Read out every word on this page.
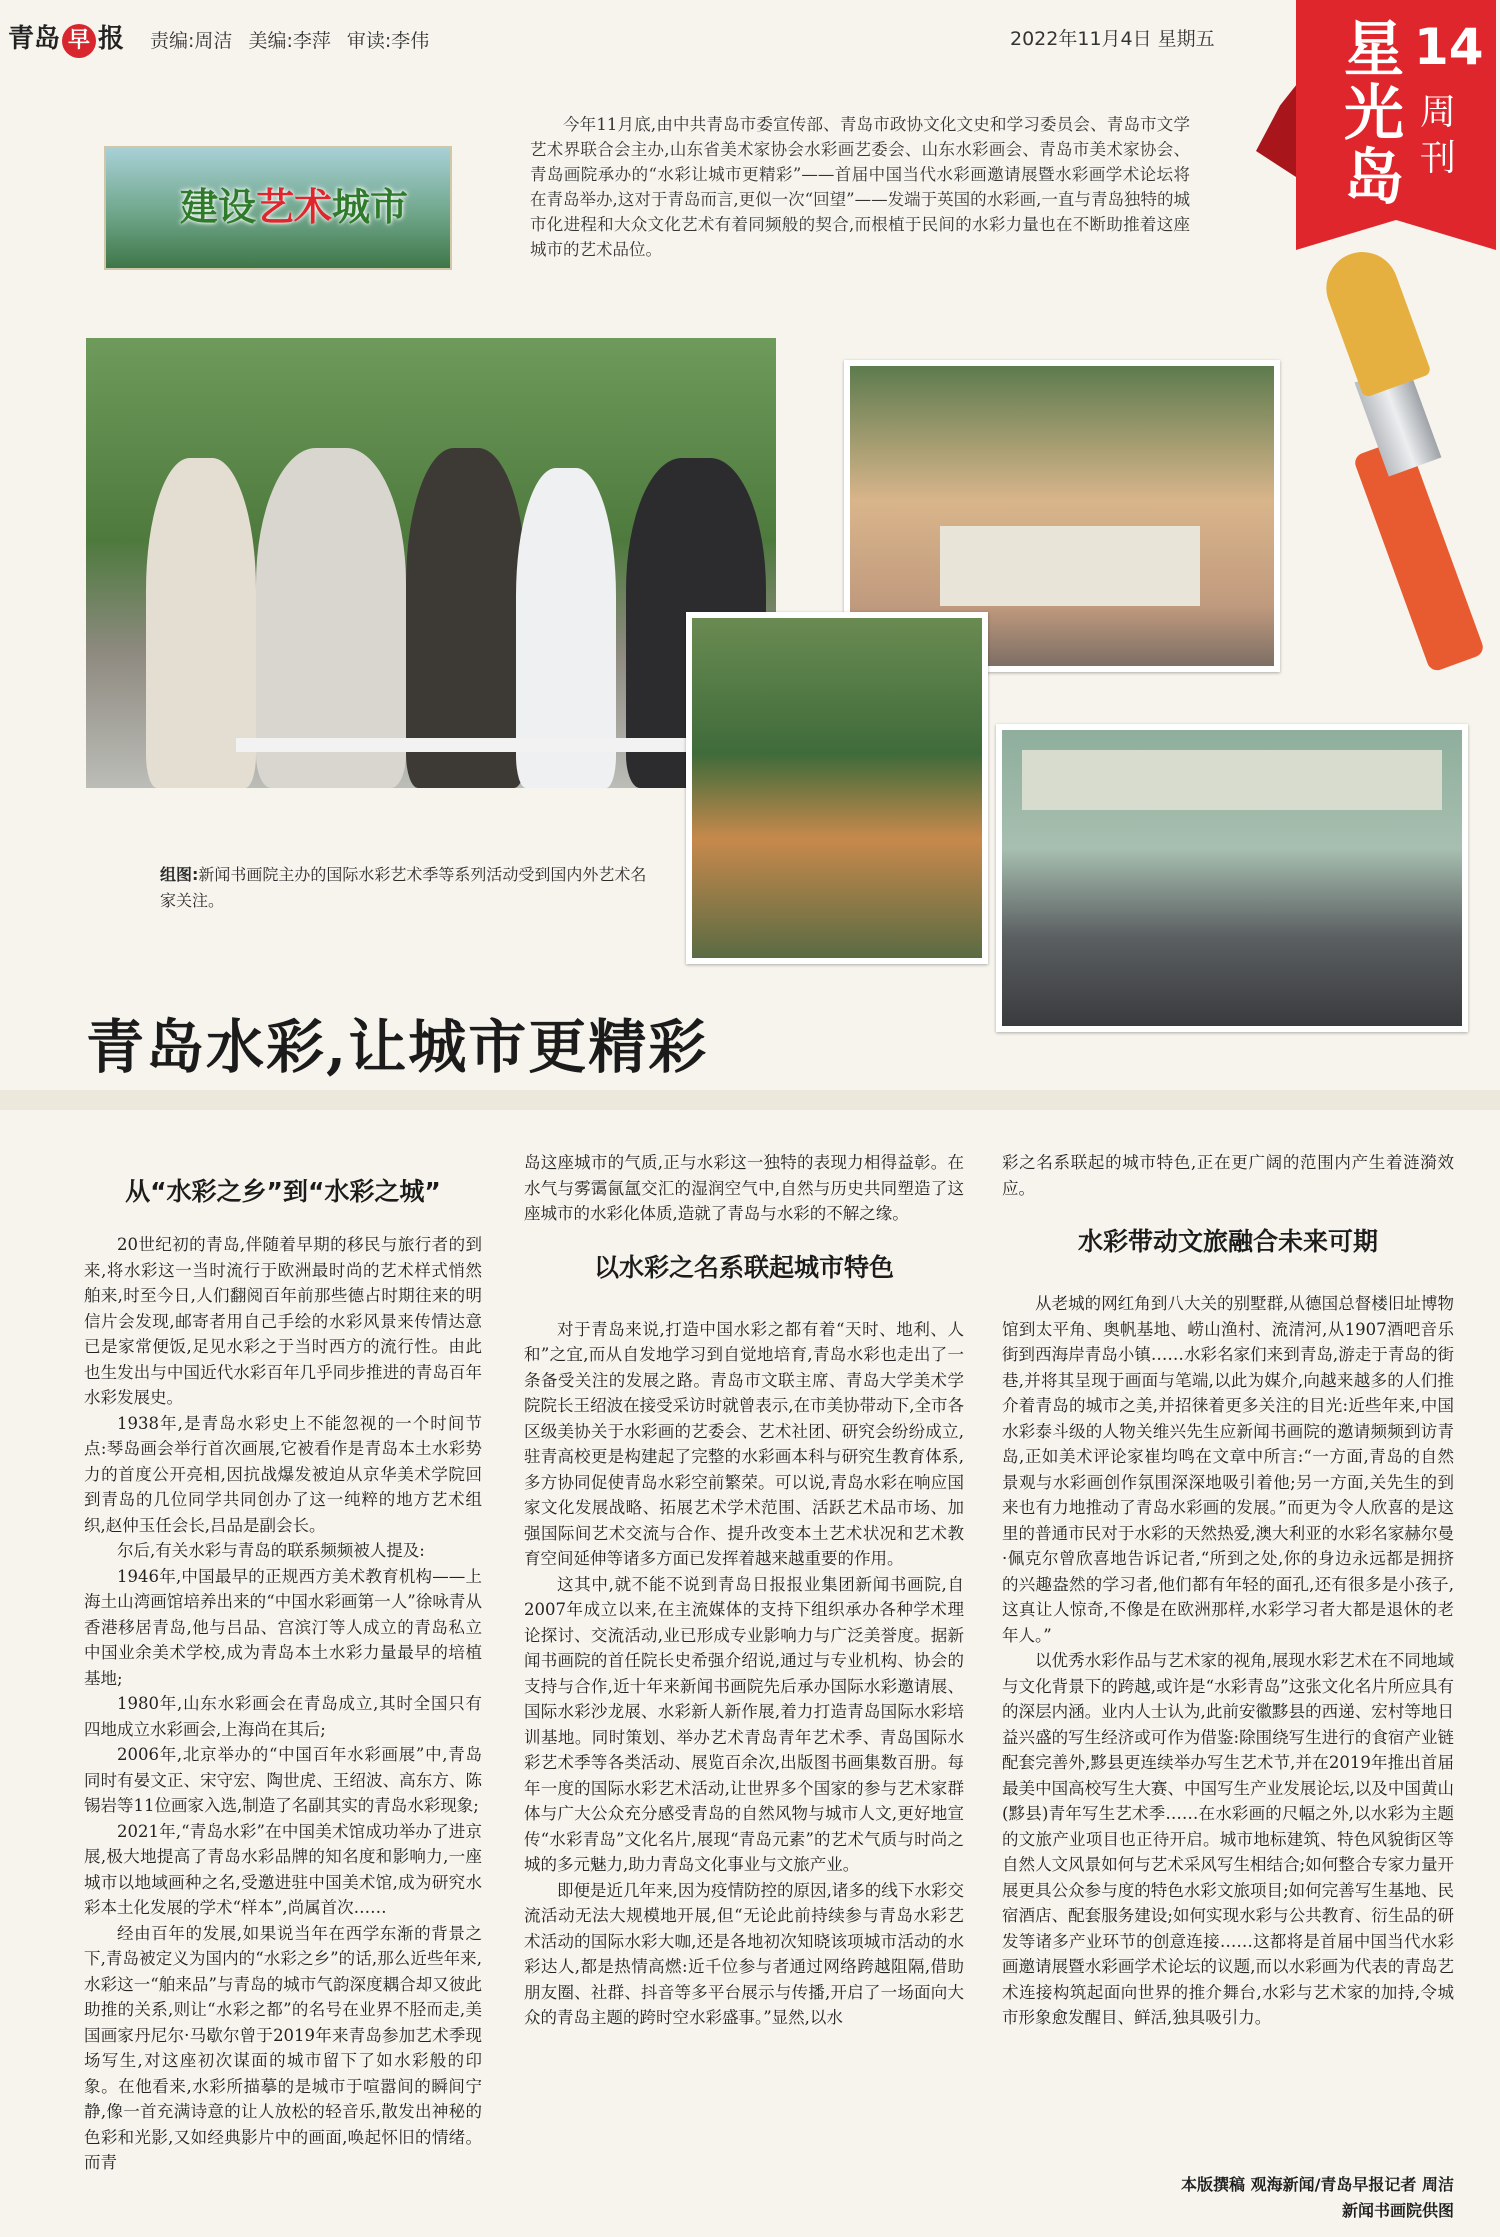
青岛 早 报 责编:周洁 美编:李萍 审读:李伟	2022年11月4日 星期五 星光岛
14
周刊
建设艺术城市
今年11月底,由中共青岛市委宣传部、青岛市政协文化文史和学习委员会、青岛市文学艺术界联合会主办,山东省美术家协会水彩画艺委会、山东水彩画会、青岛市美术家协会、青岛画院承办的“水彩让城市更精彩”——首届中国当代水彩画邀请展暨水彩画学术论坛将在青岛举办,这对于青岛而言,更似一次“回望”——发端于英国的水彩画,一直与青岛独特的城市化进程和大众文化艺术有着同频般的契合,而根植于民间的水彩力量也在不断助推着这座城市的艺术品位。
组图:新闻书画院主办的国际水彩艺术季等系列活动受到国内外艺术名家关注。
青岛水彩,让城市更精彩
从“水彩之乡”到“水彩之城”

20世纪初的青岛,伴随着早期的移民与旅行者的到来,将水彩这一当时流行于欧洲最时尚的艺术样式悄然舶来,时至今日,人们翻阅百年前那些德占时期往来的明信片会发现,邮寄者用自己手绘的水彩风景来传情达意已是家常便饭,足见水彩之于当时西方的流行性。由此也生发出与中国近代水彩百年几乎同步推进的青岛百年水彩发展史。

1938年,是青岛水彩史上不能忽视的一个时间节点:琴岛画会举行首次画展,它被看作是青岛本土水彩势力的首度公开亮相,因抗战爆发被迫从京华美术学院回到青岛的几位同学共同创办了这一纯粹的地方艺术组织,赵仲玉任会长,吕品是副会长。

尔后,有关水彩与青岛的联系频频被人提及:

1946年,中国最早的正规西方美术教育机构——上海土山湾画馆培养出来的“中国水彩画第一人”徐咏青从香港移居青岛,他与吕品、宫滨汀等人成立的青岛私立中国业余美术学校,成为青岛本土水彩力量最早的培植基地;

1980年,山东水彩画会在青岛成立,其时全国只有四地成立水彩画会,上海尚在其后;

2006年,北京举办的“中国百年水彩画展”中,青岛同时有晏文正、宋守宏、陶世虎、王绍波、高东方、陈锡岩等11位画家入选,制造了名副其实的青岛水彩现象;

2021年,“青岛水彩”在中国美术馆成功举办了进京展,极大地提高了青岛水彩品牌的知名度和影响力,一座城市以地域画种之名,受邀进驻中国美术馆,成为研究水彩本土化发展的学术“样本”,尚属首次……

经由百年的发展,如果说当年在西学东渐的背景之下,青岛被定义为国内的“水彩之乡”的话,那么近些年来,水彩这一“舶来品”与青岛的城市气韵深度耦合却又彼此助推的关系,则让“水彩之都”的名号在业界不胫而走,美国画家丹尼尔·马歇尔曾于2019年来青岛参加艺术季现场写生,对这座初次谋面的城市留下了如水彩般的印象。在他看来,水彩所描摹的是城市于喧嚣间的瞬间宁静,像一首充满诗意的让人放松的轻音乐,散发出神秘的色彩和光影,又如经典影片中的画面,唤起怀旧的情绪。而青

岛这座城市的气质,正与水彩这一独特的表现力相得益彰。在水气与雾霭氤氲交汇的湿润空气中,自然与历史共同塑造了这座城市的水彩化体质,造就了青岛与水彩的不解之缘。

以水彩之名系联起城市特色

对于青岛来说,打造中国水彩之都有着“天时、地利、人和”之宜,而从自发地学习到自觉地培育,青岛水彩也走出了一条备受关注的发展之路。青岛市文联主席、青岛大学美术学院院长王绍波在接受采访时就曾表示,在市美协带动下,全市各区级美协关于水彩画的艺委会、艺术社团、研究会纷纷成立,驻青高校更是构建起了完整的水彩画本科与研究生教育体系,多方协同促使青岛水彩空前繁荣。可以说,青岛水彩在响应国家文化发展战略、拓展艺术学术范围、活跃艺术品市场、加强国际间艺术交流与合作、提升改变本土艺术状况和艺术教育空间延伸等诸多方面已发挥着越来越重要的作用。

这其中,就不能不说到青岛日报报业集团新闻书画院,自2007年成立以来,在主流媒体的支持下组织承办各种学术理论探讨、交流活动,业已形成专业影响力与广泛美誉度。据新闻书画院的首任院长史希强介绍说,通过与专业机构、协会的支持与合作,近十年来新闻书画院先后承办国际水彩邀请展、国际水彩沙龙展、水彩新人新作展,着力打造青岛国际水彩培训基地。同时策划、举办艺术青岛青年艺术季、青岛国际水彩艺术季等各类活动、展览百余次,出版图书画集数百册。每年一度的国际水彩艺术活动,让世界多个国家的参与艺术家群体与广大公众充分感受青岛的自然风物与城市人文,更好地宣传“水彩青岛”文化名片,展现“青岛元素”的艺术气质与时尚之城的多元魅力,助力青岛文化事业与文旅产业。

即便是近几年来,因为疫情防控的原因,诸多的线下水彩交流活动无法大规模地开展,但“无论此前持续参与青岛水彩艺术活动的国际水彩大咖,还是各地初次知晓该项城市活动的水彩达人,都是热情高燃:近千位参与者通过网络跨越阻隔,借助朋友圈、社群、抖音等多平台展示与传播,开启了一场面向大众的青岛主题的跨时空水彩盛事。”显然,以水

彩之名系联起的城市特色,正在更广阔的范围内产生着涟漪效应。

水彩带动文旅融合未来可期

从老城的网红角到八大关的别墅群,从德国总督楼旧址博物馆到太平角、奥帆基地、崂山渔村、流清河,从1907酒吧音乐街到西海岸青岛小镇……水彩名家们来到青岛,游走于青岛的街巷,并将其呈现于画面与笔端,以此为媒介,向越来越多的人们推介着青岛的城市之美,并招徕着更多关注的目光:近些年来,中国水彩泰斗级的人物关维兴先生应新闻书画院的邀请频频到访青岛,正如美术评论家崔均鸣在文章中所言:“一方面,青岛的自然景观与水彩画创作氛围深深地吸引着他;另一方面,关先生的到来也有力地推动了青岛水彩画的发展。”而更为令人欣喜的是这里的普通市民对于水彩的天然热爱,澳大利亚的水彩名家赫尔曼·佩克尔曾欣喜地告诉记者,“所到之处,你的身边永远都是拥挤的兴趣盎然的学习者,他们都有年轻的面孔,还有很多是小孩子,这真让人惊奇,不像是在欧洲那样,水彩学习者大都是退休的老年人。”

以优秀水彩作品与艺术家的视角,展现水彩艺术在不同地域与文化背景下的跨越,或许是“水彩青岛”这张文化名片所应具有的深层内涵。业内人士认为,此前安徽黟县的西递、宏村等地日益兴盛的写生经济或可作为借鉴:除围绕写生进行的食宿产业链配套完善外,黟县更连续举办写生艺术节,并在2019年推出首届最美中国高校写生大赛、中国写生产业发展论坛,以及中国黄山(黟县)青年写生艺术季……在水彩画的尺幅之外,以水彩为主题的文旅产业项目也正待开启。城市地标建筑、特色风貌街区等自然人文风景如何与艺术采风写生相结合;如何整合专家力量开展更具公众参与度的特色水彩文旅项目;如何完善写生基地、民宿酒店、配套服务建设;如何实现水彩与公共教育、衍生品的研发等诸多产业环节的创意连接……这都将是首届中国当代水彩画邀请展暨水彩画学术论坛的议题,而以水彩画为代表的青岛艺术连接构筑起面向世界的推介舞台,水彩与艺术家的加持,令城市形象愈发醒目、鲜活,独具吸引力。

本版撰稿 观海新闻/青岛早报记者 周洁
新闻书画院供图
